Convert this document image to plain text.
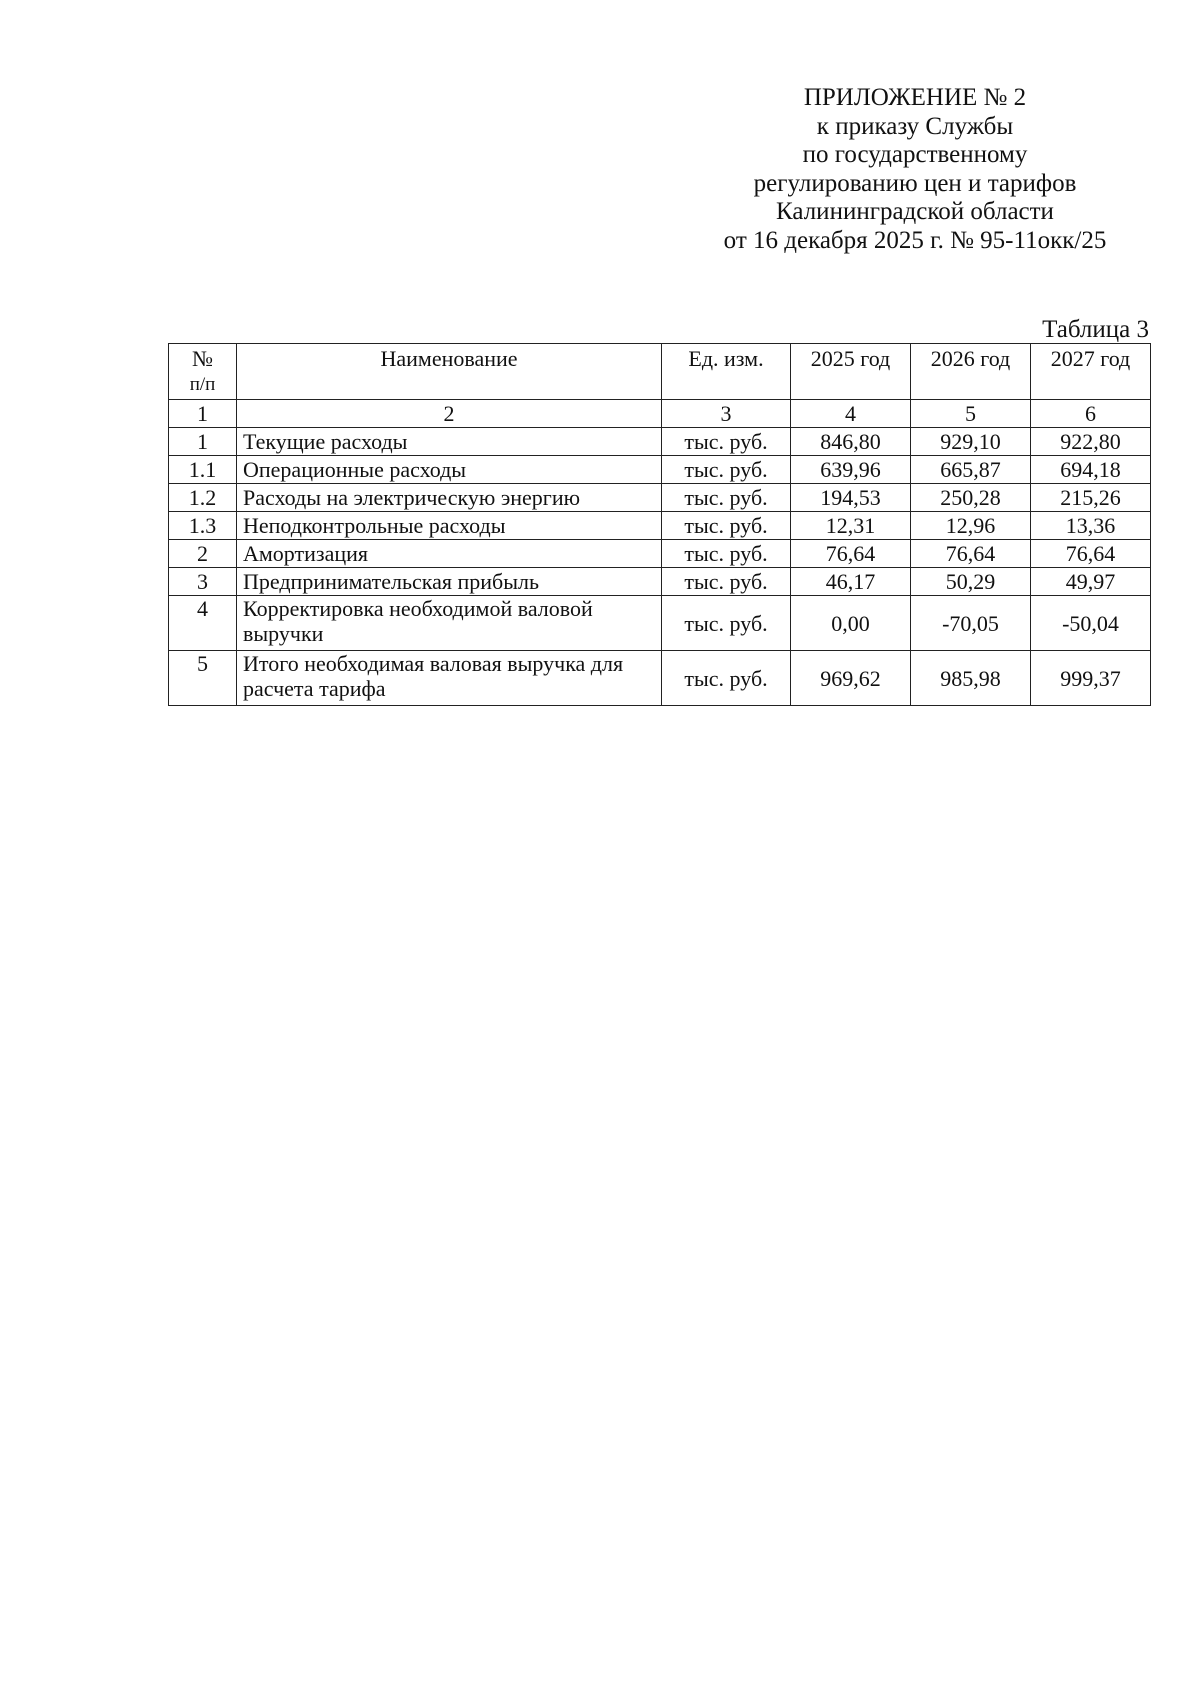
ПРИЛОЖЕНИЕ № 2
к приказу Службы
по государственному
регулированию цен и тарифов
Калининградской области
от 16 декабря 2025 г. № 95-11окк/25
Таблица 3
№
п/п	Наименование	Ед. изм.	2025 год	2026 год	2027 год
1	2	3	4	5	6
1	Текущие расходы	тыс. руб.	846,80	929,10	922,80
1.1	Операционные расходы	тыс. руб.	639,96	665,87	694,18
1.2	Расходы на электрическую энергию	тыс. руб.	194,53	250,28	215,26
1.3	Неподконтрольные расходы	тыс. руб.	12,31	12,96	13,36
2	Амортизация	тыс. руб.	76,64	76,64	76,64
3	Предпринимательская прибыль	тыс. руб.	46,17	50,29	49,97
4	Корректировка необходимой валовой выручки	тыс. руб.	0,00	-70,05	-50,04
5	Итого необходимая валовая выручка для расчета тарифа	тыс. руб.	969,62	985,98	999,37
